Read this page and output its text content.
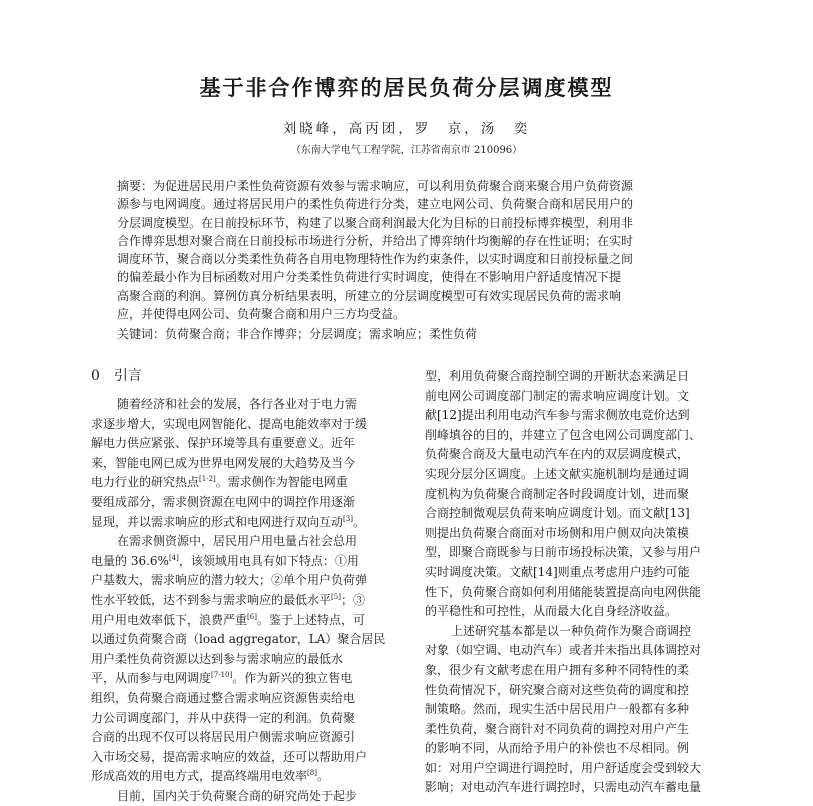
基于非合作博弈的居民负荷分层调度模型
刘晓峰，高丙团，罗　京，汤　奕
（东南大学电气工程学院，江苏省南京市 210096）
摘要：为促进居民用户柔性负荷资源有效参与需求响应，可以利用负荷聚合商来聚合用户负荷资源
源参与电网调度。通过将居民用户的柔性负荷进行分类，建立电网公司、负荷聚合商和居民用户的
分层调度模型。在日前投标环节，构建了以聚合商利润最大化为目标的日前投标博弈模型，利用非
合作博弈思想对聚合商在日前投标市场进行分析，并给出了博弈纳什均衡解的存在性证明；在实时
调度环节，聚合商以分类柔性负荷各自用电物理特性作为约束条件，以实时调度和日前投标量之间
的偏差最小作为目标函数对用户分类柔性负荷进行实时调度，使得在不影响用户舒适度情况下提
高聚合商的利润。算例仿真分析结果表明，所建立的分层调度模型可有效实现居民负荷的需求响
应，并使得电网公司、负荷聚合商和用户三方均受益。
关键词：负荷聚合商；非合作博弈；分层调度；需求响应；柔性负荷
0　引言
随着经济和社会的发展，各行各业对于电力需
求逐步增大，实现电网智能化、提高电能效率对于缓
解电力供应紧张、保护环境等具有重要意义。近年
来，智能电网已成为世界电网发展的大趋势及当今
电力行业的研究热点[1-2]。需求侧作为智能电网重
要组成部分，需求侧资源在电网中的调控作用逐渐
显现，并以需求响应的形式和电网进行双向互动[3]。
在需求侧资源中，居民用户用电量占社会总用
电量的 36.6%[4]，该领域用电具有如下特点：①用
户基数大，需求响应的潜力较大；②单个用户负荷弹
性水平较低，达不到参与需求响应的最低水平[5]；③
用户用电效率低下，浪费严重[6]。鉴于上述特点，可
以通过负荷聚合商（load aggregator，LA）聚合居民
用户柔性负荷资源以达到参与需求响应的最低水
平，从而参与电网调度[7-10]。作为新兴的独立售电
组织，负荷聚合商通过整合需求响应资源售卖给电
力公司调度部门，并从中获得一定的利润。负荷聚
合商的出现不仅可以将居民用户侧需求响应资源引
入市场交易，提高需求响应的效益，还可以帮助用户
形成高效的用电方式，提高终端用电效率[8]。
目前，国内关于负荷聚合商的研究尚处于起步
型，利用负荷聚合商控制空调的开断状态来满足日
前电网公司调度部门制定的需求响应调度计划。文
献[12]提出利用电动汽车参与需求侧放电竞价达到
削峰填谷的目的，并建立了包含电网公司调度部门、
负荷聚合商及大量电动汽车在内的双层调度模式，
实现分层分区调度。上述文献实施机制均是通过调
度机构为负荷聚合商制定各时段调度计划，进而聚
合商控制微观层负荷来响应调度计划。而文献[13]
则提出负荷聚合商面对市场侧和用户侧双向决策模
型，即聚合商既参与日前市场投标决策，又参与用户
实时调度决策。文献[14]则重点考虑用户违约可能
性下，负荷聚合商如何利用储能装置提高向电网供能
的平稳性和可控性，从而最大化自身经济收益。
上述研究基本都是以一种负荷作为聚合商调控
对象（如空调、电动汽车）或者并未指出具体调控对
象，很少有文献考虑在用户拥有多种不同特性的柔
性负荷情况下，研究聚合商对这些负荷的调度和控
制策略。然而，现实生活中居民用户一般都有多种
柔性负荷，聚合商针对不同负荷的调控对用户产生
的影响不同，从而给予用户的补偿也不尽相同。例
如：对用户空调进行调控时，用户舒适度会受到较大
影响；对电动汽车进行调控时，只需电动汽车蓄电量
